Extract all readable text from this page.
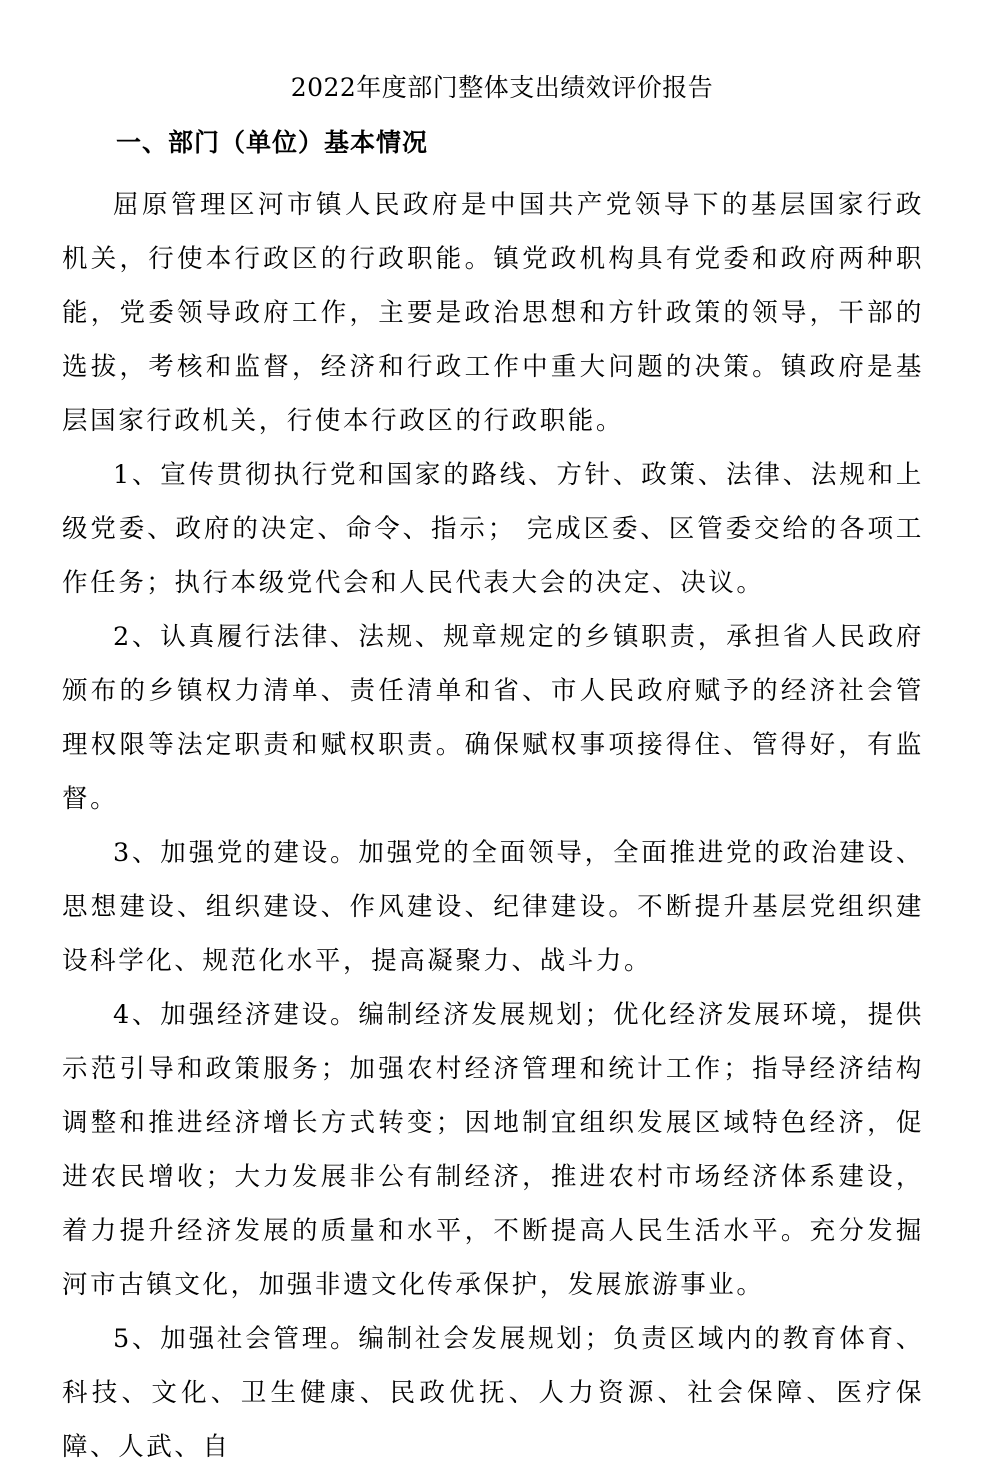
2022年度部门整体支出绩效评价报告
一、部门（单位）基本情况

屈原管理区河市镇人民政府是中国共产党领导下的基层国家行政机关，行使本行政区的行政职能。镇党政机构具有党委和政府两种职能，党委领导政府工作，主要是政治思想和方针政策的领导，干部的选拔，考核和监督，经济和行政工作中重大问题的决策。镇政府是基层国家行政机关，行使本行政区的行政职能。

1、宣传贯彻执行党和国家的路线、方针、政策、法律、法规和上级党委、政府的决定、命令、指示； 完成区委、区管委交给的各项工作任务；执行本级党代会和人民代表大会的决定、决议。

2、认真履行法律、法规、规章规定的乡镇职责，承担省人民政府颁布的乡镇权力清单、责任清单和省、市人民政府赋予的经济社会管理权限等法定职责和赋权职责。确保赋权事项接得住、管得好，有监督。

3、加强党的建设。加强党的全面领导，全面推进党的政治建设、思想建设、组织建设、作风建设、纪律建设。不断提升基层党组织建设科学化、规范化水平，提高凝聚力、战斗力。

4、加强经济建设。编制经济发展规划；优化经济发展环境，提供示范引导和政策服务；加强农村经济管理和统计工作；指导经济结构调整和推进经济增长方式转变；因地制宜组织发展区域特色经济，促进农民增收；大力发展非公有制经济，推进农村市场经济体系建设，着力提升经济发展的质量和水平，不断提高人民生活水平。充分发掘河市古镇文化，加强非遗文化传承保护，发展旅游事业。

5、加强社会管理。编制社会发展规划；负责区域内的教育体育、科技、文化、卫生健康、民政优抚、人力资源、社会保障、医疗保障、人武、自
